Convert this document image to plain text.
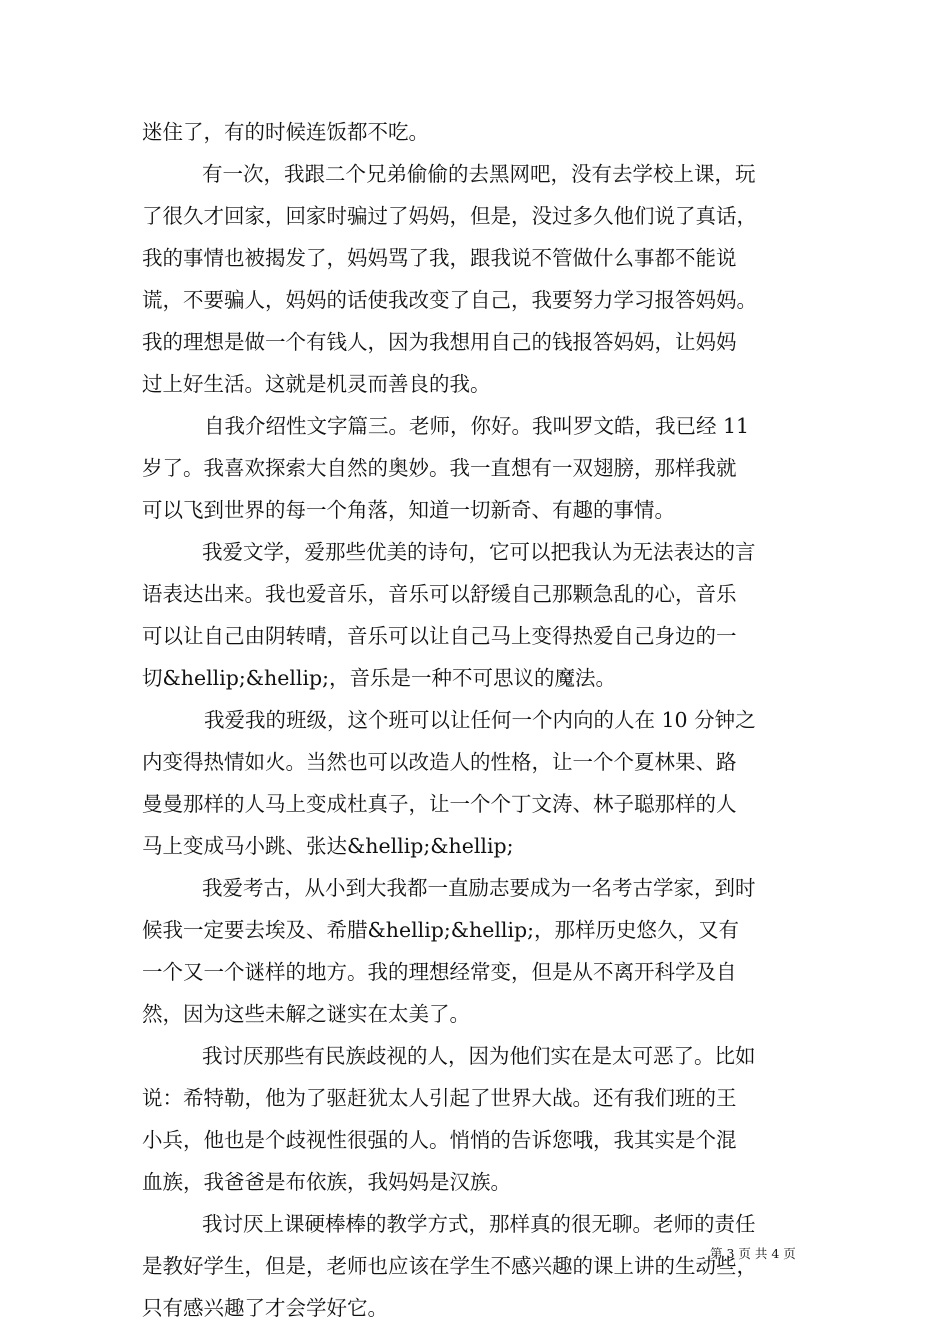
迷住了，有的时候连饭都不吃。
有一次，我跟二个兄弟偷偷的去黑网吧，没有去学校上课，玩
了很久才回家，回家时骗过了妈妈，但是，没过多久他们说了真话，
我的事情也被揭发了，妈妈骂了我，跟我说不管做什么事都不能说
谎，不要骗人，妈妈的话使我改变了自己，我要努力学习报答妈妈。
我的理想是做一个有钱人，因为我想用自己的钱报答妈妈，让妈妈
过上好生活。这就是机灵而善良的我。
自我介绍性文字篇三。老师，你好。我叫罗文皓，我已经 11
岁了。我喜欢探索大自然的奥妙。我一直想有一双翅膀，那样我就
可以飞到世界的每一个角落，知道一切新奇、有趣的事情。
我爱文学，爱那些优美的诗句，它可以把我认为无法表达的言
语表达出来。我也爱音乐，音乐可以舒缓自己那颗急乱的心，音乐
可以让自己由阴转晴，音乐可以让自己马上变得热爱自己身边的一
切&hellip;&hellip;，音乐是一种不可思议的魔法。
我爱我的班级，这个班可以让任何一个内向的人在 10 分钟之
内变得热情如火。当然也可以改造人的性格，让一个个夏林果、路
曼曼那样的人马上变成杜真子，让一个个丁文涛、林子聪那样的人
马上变成马小跳、张达&hellip;&hellip;
我爱考古，从小到大我都一直励志要成为一名考古学家，到时
候我一定要去埃及、希腊&hellip;&hellip;，那样历史悠久，又有
一个又一个谜样的地方。我的理想经常变，但是从不离开科学及自
然，因为这些未解之谜实在太美了。
我讨厌那些有民族歧视的人，因为他们实在是太可恶了。比如
说：希特勒，他为了驱赶犹太人引起了世界大战。还有我们班的王
小兵，他也是个歧视性很强的人。悄悄的告诉您哦，我其实是个混
血族，我爸爸是布依族，我妈妈是汉族。
我讨厌上课硬棒棒的教学方式，那样真的很无聊。老师的责任
是教好学生，但是，老师也应该在学生不感兴趣的课上讲的生动些，
只有感兴趣了才会学好它。
第 3 页 共 4 页
